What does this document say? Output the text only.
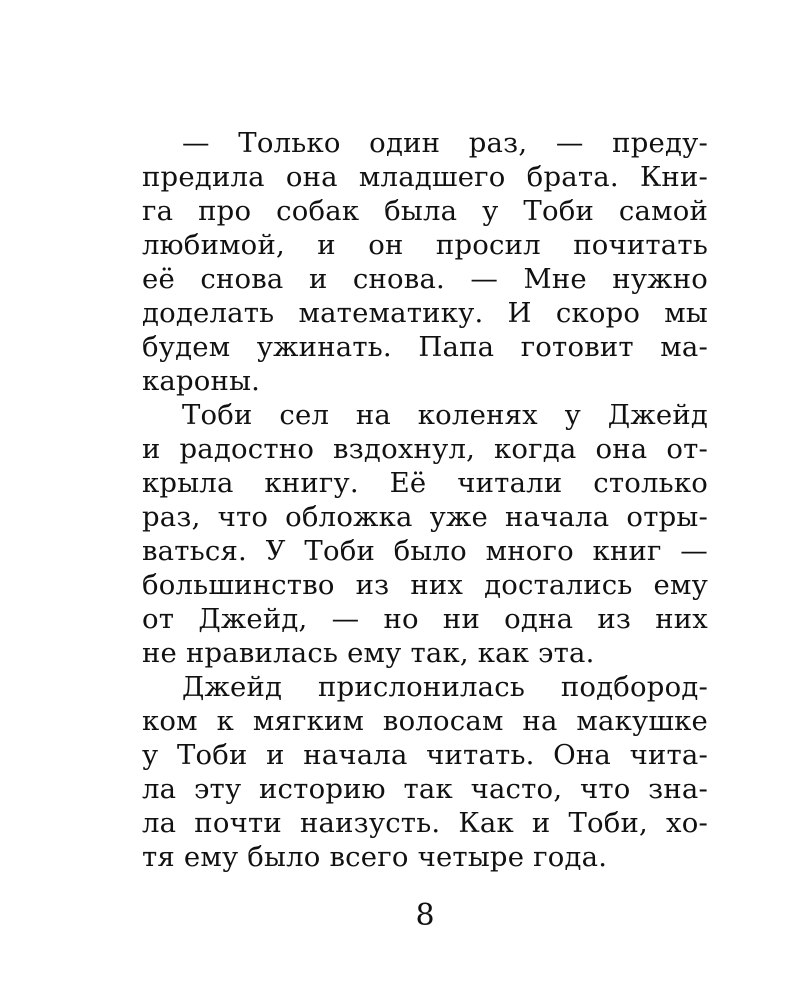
— Только один раз, — преду-
предила она младшего брата. Кни-
га про собак была у Тоби самой
любимой, и он просил почитать
её снова и снова. — Мне нужно
доделать математику. И скоро мы
будем ужинать. Папа готовит ма-
кароны.
Тоби сел на коленях у Джейд
и радостно вздохнул, когда она от-
крыла книгу. Её читали столько
раз, что обложка уже начала отры-
ваться. У Тоби было много книг —
большинство из них достались ему
от Джейд, — но ни одна из них
не нравилась ему так, как эта.
Джейд прислонилась подбород-
ком к мягким волосам на макушке
у Тоби и начала читать. Она чита-
ла эту историю так часто, что зна-
ла почти наизусть. Как и Тоби, хо-
тя ему было всего четыре года.
8
